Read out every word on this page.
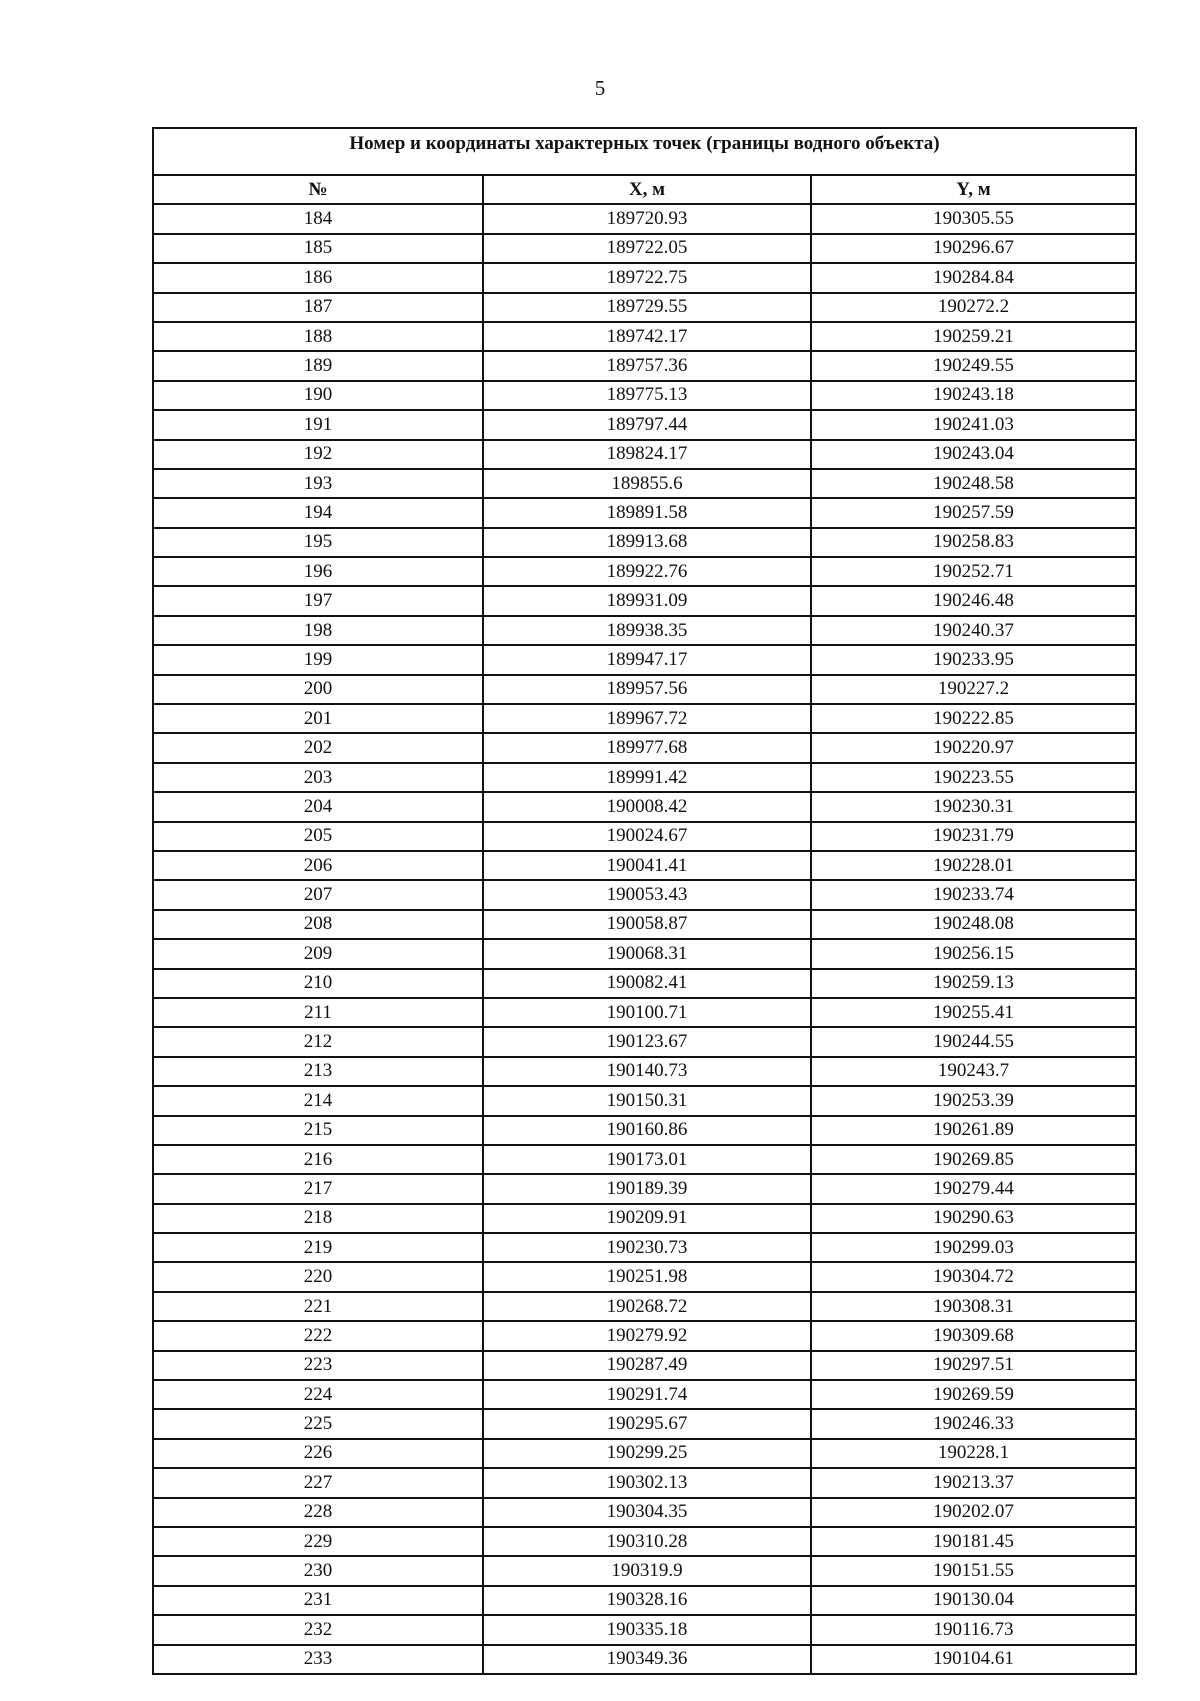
5
Номер и координаты характерных точек (границы водного объекта)
№	X, м	Y, м
184	189720.93	190305.55
185	189722.05	190296.67
186	189722.75	190284.84
187	189729.55	190272.2
188	189742.17	190259.21
189	189757.36	190249.55
190	189775.13	190243.18
191	189797.44	190241.03
192	189824.17	190243.04
193	189855.6	190248.58
194	189891.58	190257.59
195	189913.68	190258.83
196	189922.76	190252.71
197	189931.09	190246.48
198	189938.35	190240.37
199	189947.17	190233.95
200	189957.56	190227.2
201	189967.72	190222.85
202	189977.68	190220.97
203	189991.42	190223.55
204	190008.42	190230.31
205	190024.67	190231.79
206	190041.41	190228.01
207	190053.43	190233.74
208	190058.87	190248.08
209	190068.31	190256.15
210	190082.41	190259.13
211	190100.71	190255.41
212	190123.67	190244.55
213	190140.73	190243.7
214	190150.31	190253.39
215	190160.86	190261.89
216	190173.01	190269.85
217	190189.39	190279.44
218	190209.91	190290.63
219	190230.73	190299.03
220	190251.98	190304.72
221	190268.72	190308.31
222	190279.92	190309.68
223	190287.49	190297.51
224	190291.74	190269.59
225	190295.67	190246.33
226	190299.25	190228.1
227	190302.13	190213.37
228	190304.35	190202.07
229	190310.28	190181.45
230	190319.9	190151.55
231	190328.16	190130.04
232	190335.18	190116.73
233	190349.36	190104.61
